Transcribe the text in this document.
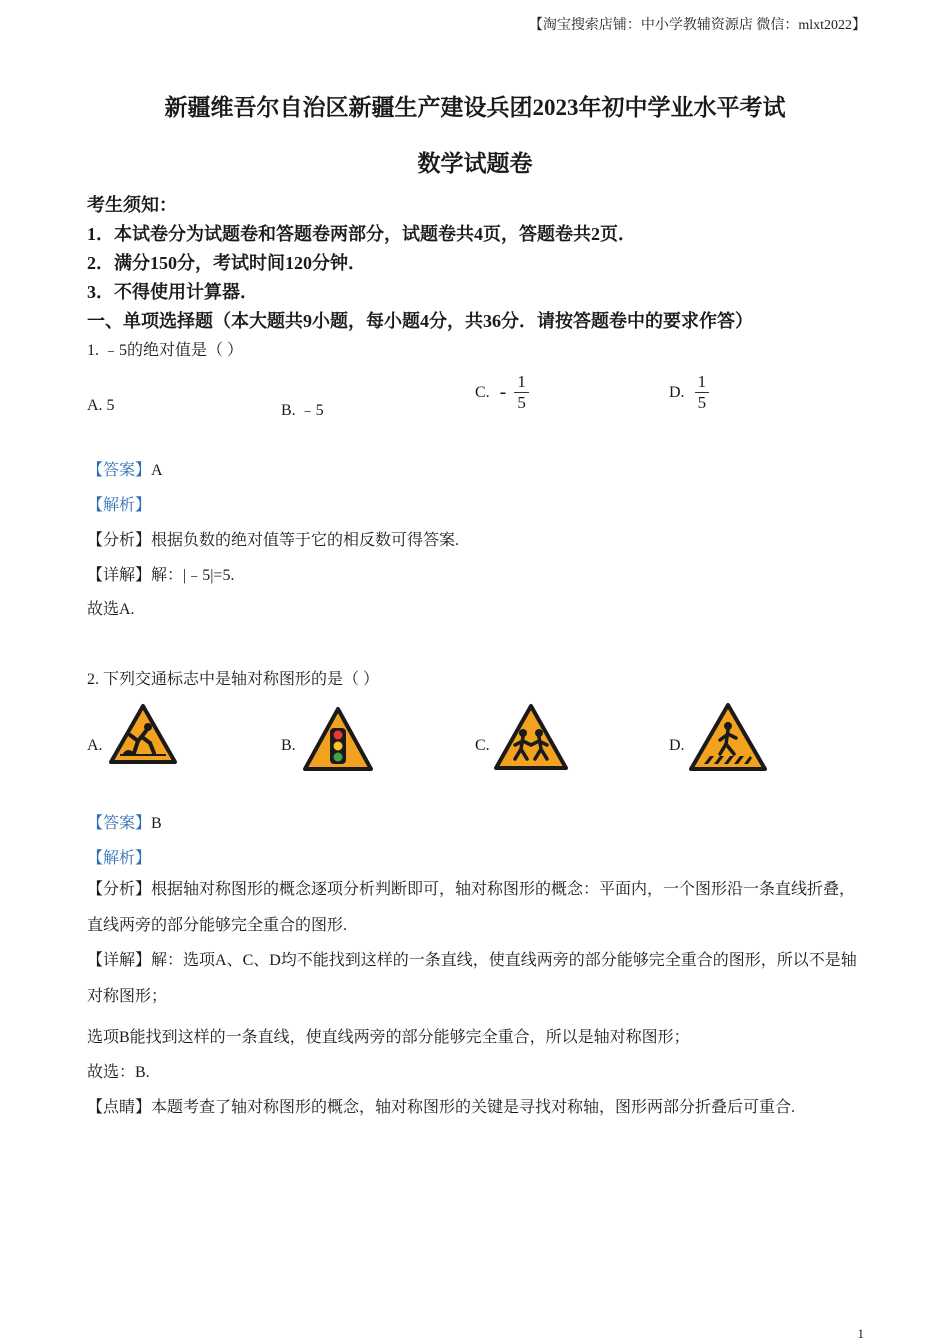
【淘宝搜索店铺：中小学教辅资源店 微信：mlxt2022】
新疆维吾尔自治区新疆生产建设兵团2023年初中学业水平考试
数学试题卷
考生须知：
1．本试卷分为试题卷和答题卷两部分，试题卷共4页，答题卷共2页．
2．满分150分，考试时间120分钟．
3．不得使用计算器．
一、单项选择题（本大题共9小题，每小题4分，共36分．请按答题卷中的要求作答）
1. ﹣5的绝对值是（ ）
A. 5	B. ﹣5
C. - $\frac{1}{5}$	D. $\frac{1}{5}$
【答案】A
【解析】
【分析】根据负数的绝对值等于它的相反数可得答案.
【详解】解：|﹣5|=5.
故选A.
2. 下列交通标志中是轴对称图形的是（ ）
A.	B.	C.	D.
【答案】B
【解析】
【分析】根据轴对称图形的概念逐项分析判断即可，轴对称图形的概念：平面内，一个图形沿一条直线折叠，直线两旁的部分能够完全重合的图形.
【详解】解：选项A、C、D均不能找到这样的一条直线，使直线两旁的部分能够完全重合的图形，所以不是轴对称图形；
选项B能找到这样的一条直线，使直线两旁的部分能够完全重合，所以是轴对称图形；
故选：B.
【点睛】本题考查了轴对称图形的概念，轴对称图形的关键是寻找对称轴，图形两部分折叠后可重合.
1
